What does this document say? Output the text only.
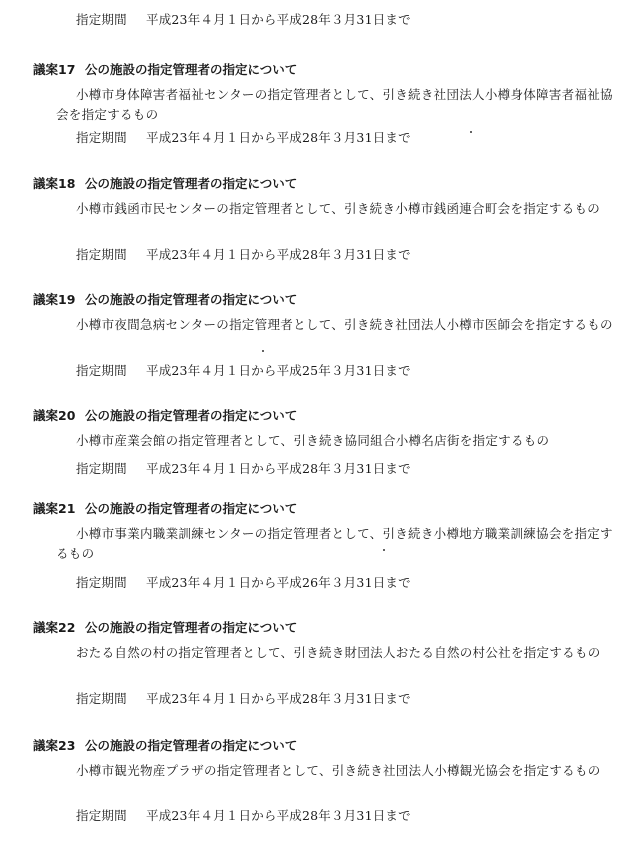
指定期間 平成23年４月１日から平成28年３月31日まで
議案17 公の施設の指定管理者の指定について
小樽市身体障害者福祉センターの指定管理者として、引き続き社団法人小樽身体障害者福祉協会を指定するもの
指定期間 平成23年４月１日から平成28年３月31日まで
議案18 公の施設の指定管理者の指定について
小樽市銭函市民センターの指定管理者として、引き続き小樽市銭函連合町会を指定するもの
指定期間 平成23年４月１日から平成28年３月31日まで
議案19 公の施設の指定管理者の指定について
小樽市夜間急病センターの指定管理者として、引き続き社団法人小樽市医師会を指定するもの
指定期間 平成23年４月１日から平成25年３月31日まで
議案20 公の施設の指定管理者の指定について
小樽市産業会館の指定管理者として、引き続き協同組合小樽名店街を指定するもの
指定期間 平成23年４月１日から平成28年３月31日まで
議案21 公の施設の指定管理者の指定について
小樽市事業内職業訓練センターの指定管理者として、引き続き小樽地方職業訓練協会を指定するもの
指定期間 平成23年４月１日から平成26年３月31日まで
議案22 公の施設の指定管理者の指定について
おたる自然の村の指定管理者として、引き続き財団法人おたる自然の村公社を指定するもの
指定期間 平成23年４月１日から平成28年３月31日まで
議案23 公の施設の指定管理者の指定について
小樽市観光物産プラザの指定管理者として、引き続き社団法人小樽観光協会を指定するもの
指定期間 平成23年４月１日から平成28年３月31日まで
